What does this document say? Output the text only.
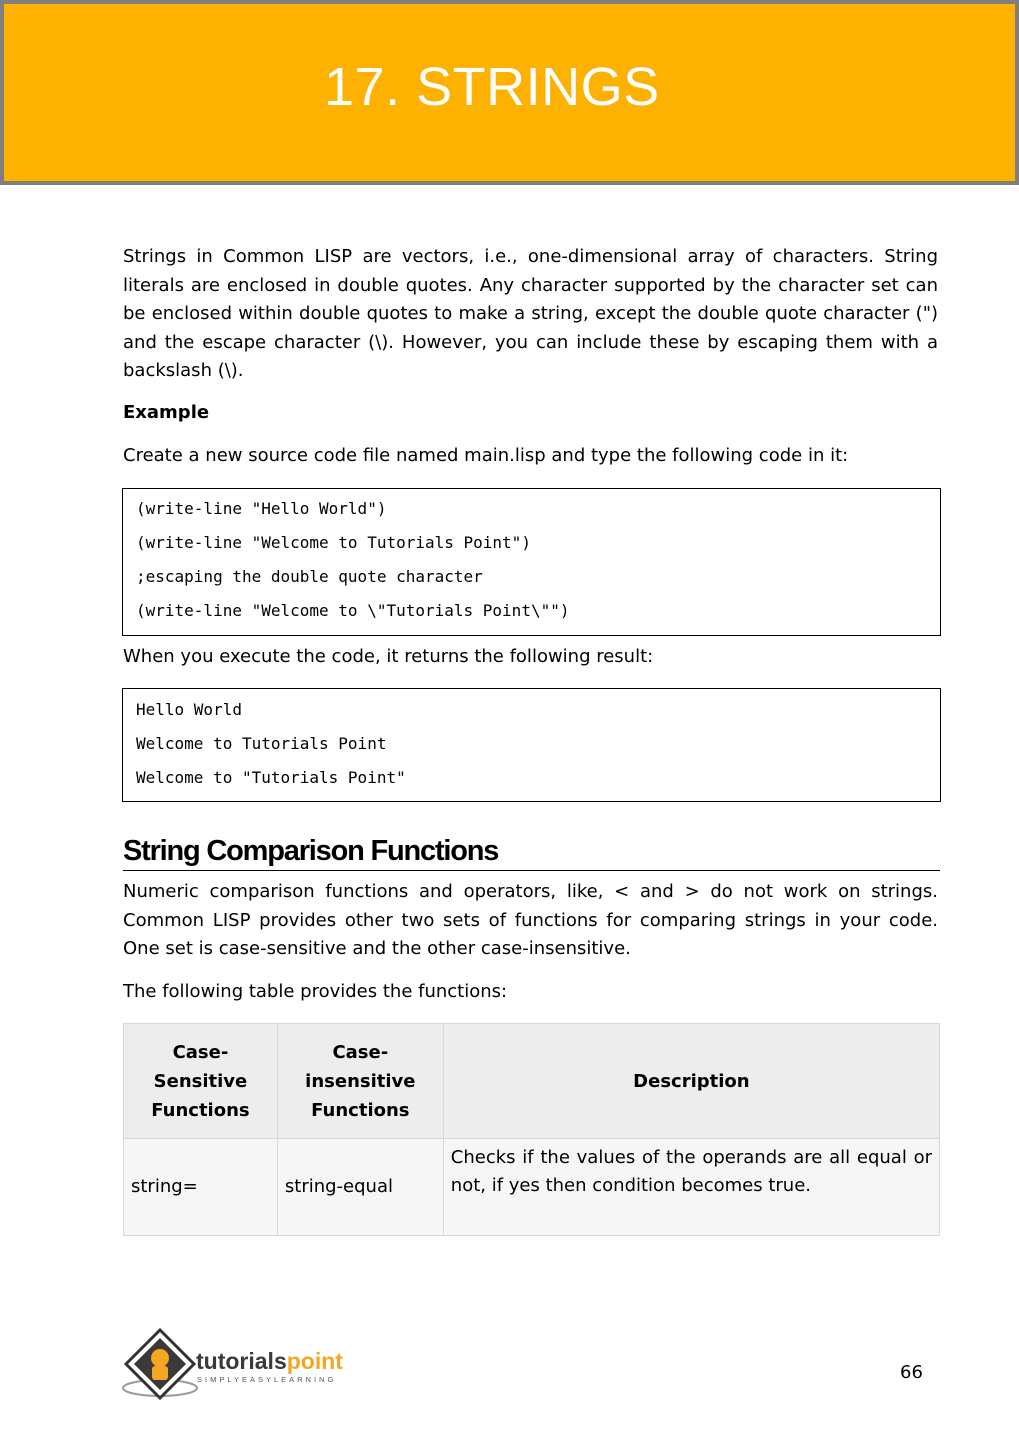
17. STRINGS

Strings in Common LISP are vectors, i.e., one-dimensional array of characters. String literals are enclosed in double quotes. Any character supported by the character set can be enclosed within double quotes to make a string, except the double quote character (") and the escape character (\). However, you can include these by escaping them with a backslash (\).

Example

Create a new source code file named main.lisp and type the following code in it:

(write-line "Hello World")
(write-line "Welcome to Tutorials Point")
;escaping the double quote character
(write-line "Welcome to \"Tutorials Point\"")

When you execute the code, it returns the following result:

Hello World
Welcome to Tutorials Point
Welcome to "Tutorials Point"
String Comparison Functions

Numeric comparison functions and operators, like, < and > do not work on strings. Common LISP provides other two sets of functions for comparing strings in your code. One set is case-sensitive and the other case-insensitive.

The following table provides the functions:

Case-Sensitive Functions	Case-insensitive Functions	Description
string=	string-equal	Checks if the values of the operands are all equal or not, if yes then condition becomes true.
tutorialspoint
SIMPLYEASYLEARNING	66
